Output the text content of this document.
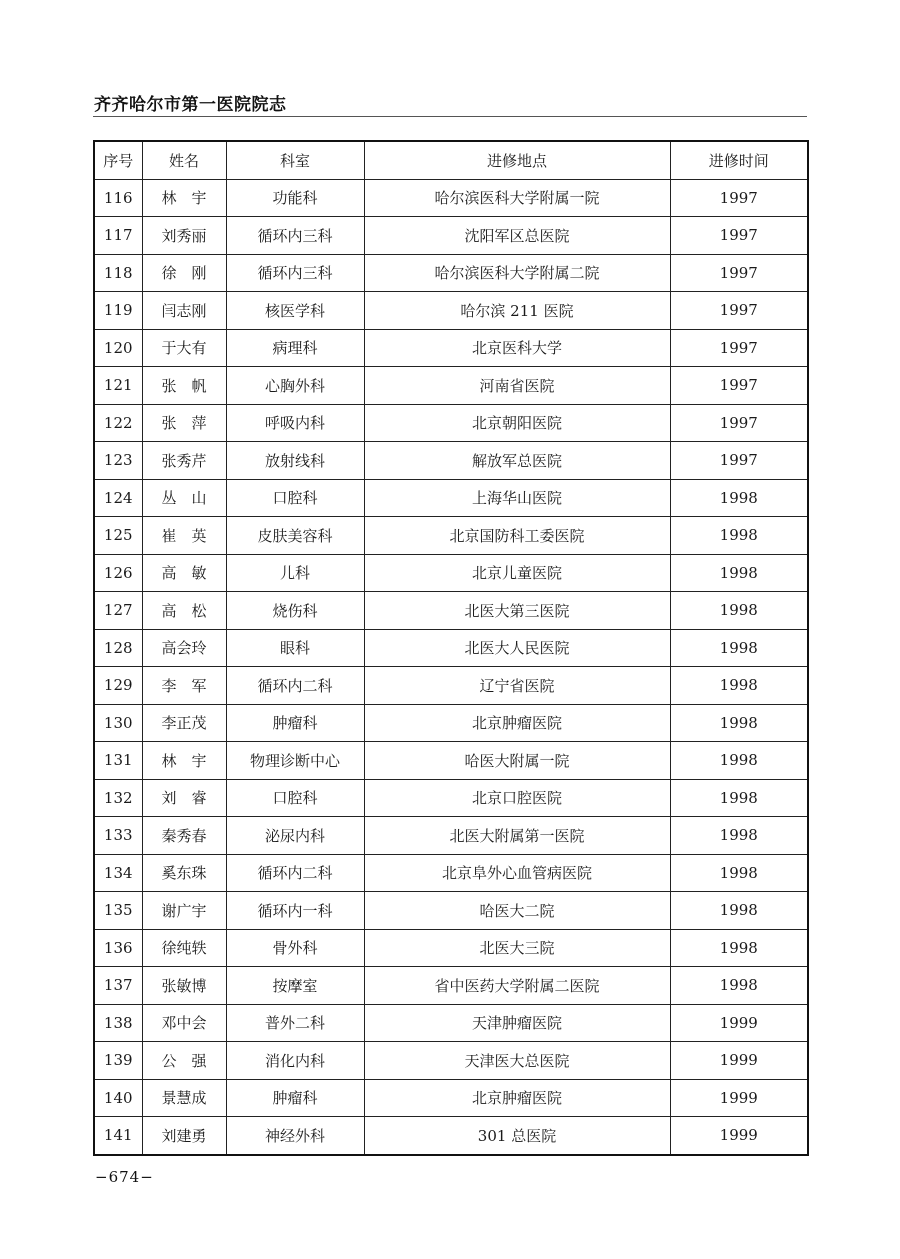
齐齐哈尔市第一医院院志
序号	姓名	科室	进修地点	进修时间
116	林　宇	功能科	哈尔滨医科大学附属一院	1997
117	刘秀丽	循环内三科	沈阳军区总医院	1997
118	徐　刚	循环内三科	哈尔滨医科大学附属二院	1997
119	闫志刚	核医学科	哈尔滨 211 医院	1997
120	于大有	病理科	北京医科大学	1997
121	张　帆	心胸外科	河南省医院	1997
122	张　萍	呼吸内科	北京朝阳医院	1997
123	张秀芹	放射线科	解放军总医院	1997
124	丛　山	口腔科	上海华山医院	1998
125	崔　英	皮肤美容科	北京国防科工委医院	1998
126	高　敏	儿科	北京儿童医院	1998
127	高　松	烧伤科	北医大第三医院	1998
128	高会玲	眼科	北医大人民医院	1998
129	李　军	循环内二科	辽宁省医院	1998
130	李正茂	肿瘤科	北京肿瘤医院	1998
131	林　宇	物理诊断中心	哈医大附属一院	1998
132	刘　睿	口腔科	北京口腔医院	1998
133	秦秀春	泌尿内科	北医大附属第一医院	1998
134	奚东珠	循环内二科	北京阜外心血管病医院	1998
135	谢广宇	循环内一科	哈医大二院	1998
136	徐纯轶	骨外科	北医大三院	1998
137	张敏博	按摩室	省中医药大学附属二医院	1998
138	邓中会	普外二科	天津肿瘤医院	1999
139	公　强	消化内科	天津医大总医院	1999
140	景慧成	肿瘤科	北京肿瘤医院	1999
141	刘建勇	神经外科	301 总医院	1999
−674−
